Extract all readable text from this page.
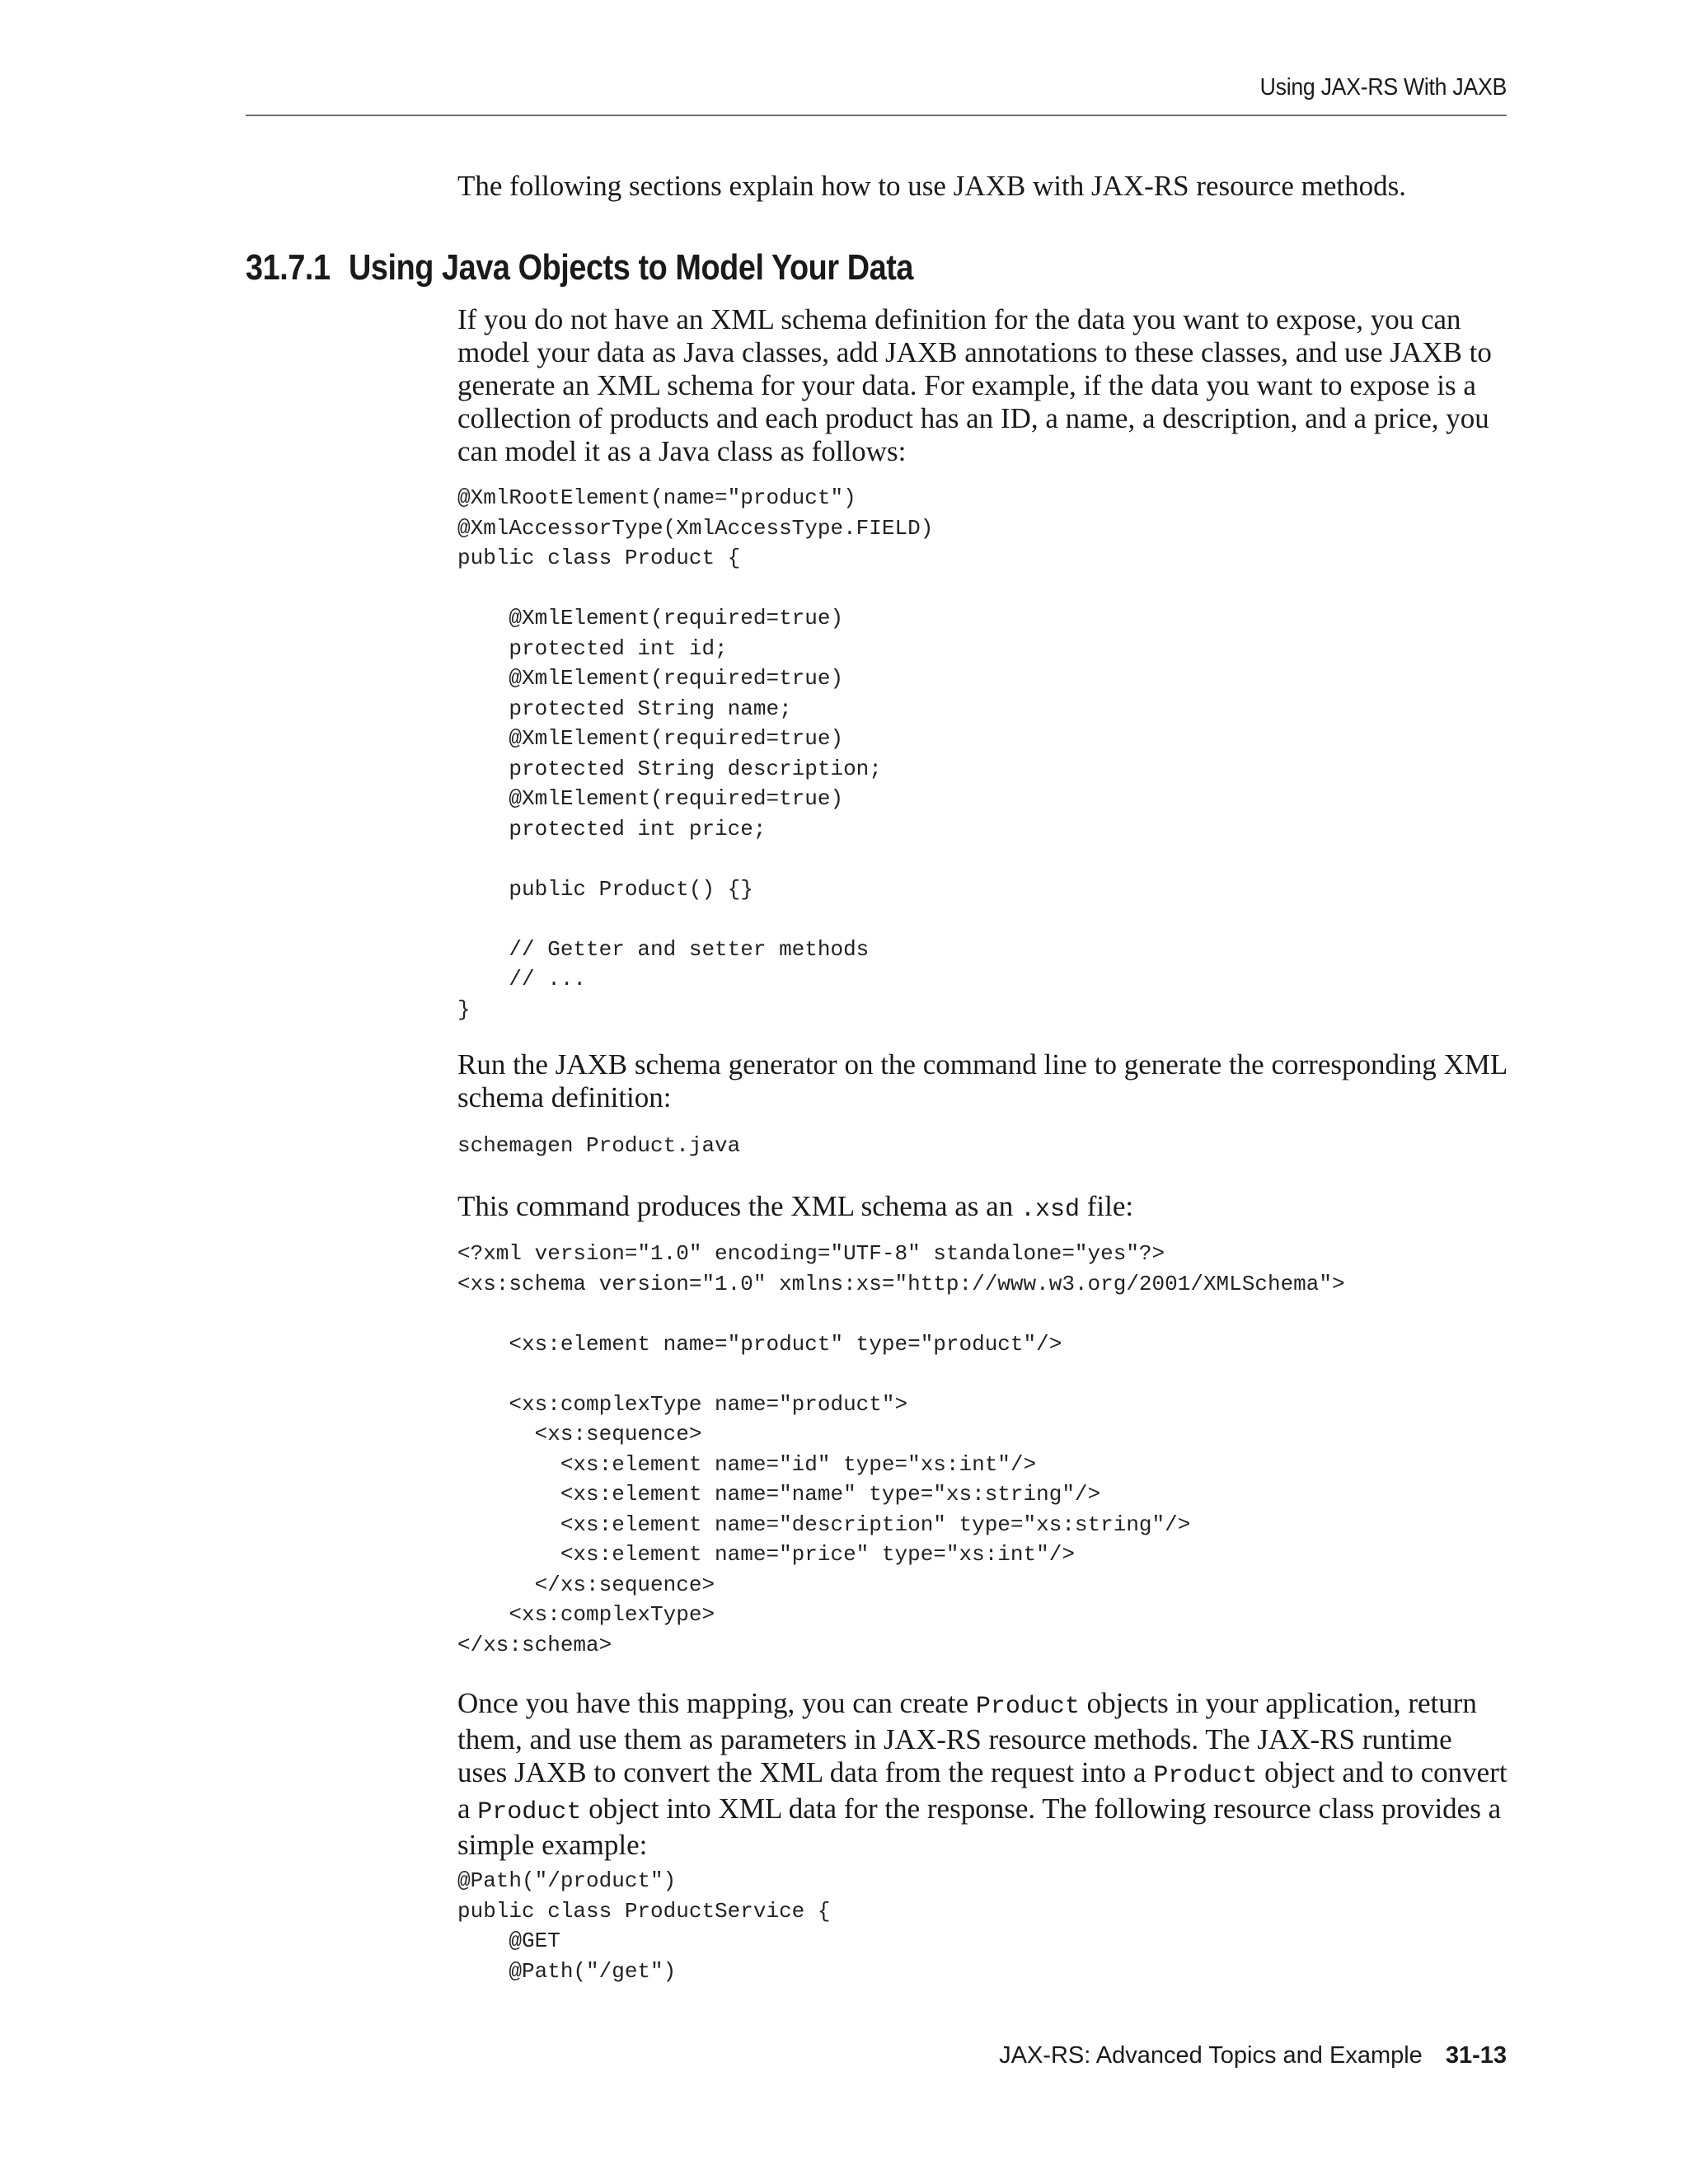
Using JAX-RS With JAXB

The following sections explain how to use JAXB with JAX-RS resource methods.

31.7.1 Using Java Objects to Model Your Data

If you do not have an XML schema definition for the data you want to expose, you can model your data as Java classes, add JAXB annotations to these classes, and use JAXB to generate an XML schema for your data. For example, if the data you want to expose is a collection of products and each product has an ID, a name, a description, and a price, you can model it as a Java class as follows:

@XmlRootElement(name="product")
@XmlAccessorType(XmlAccessType.FIELD)
public class Product {

@XmlElement(required=true)
protected int id;
@XmlElement(required=true)
protected String name;
@XmlElement(required=true)
protected String description;
@XmlElement(required=true)
protected int price;

public Product() {}

// Getter and setter methods
// ...
}

Run the JAXB schema generator on the command line to generate the corresponding XML schema definition:

schemagen Product.java

This command produces the XML schema as an .xsd file:

<?xml version="1.0" encoding="UTF-8" standalone="yes"?>
<xs:schema version="1.0" xmlns:xs="http://www.w3.org/2001/XMLSchema">

<xs:element name="product" type="product"/>

<xs:complexType name="product">
<xs:sequence>
<xs:element name="id" type="xs:int"/>
<xs:element name="name" type="xs:string"/>
<xs:element name="description" type="xs:string"/>
<xs:element name="price" type="xs:int"/>
</xs:sequence>
<xs:complexType>
</xs:schema>

Once you have this mapping, you can create Product objects in your application, return them, and use them as parameters in JAX-RS resource methods. The JAX-RS runtime uses JAXB to convert the XML data from the request into a Product object and to convert a Product object into XML data for the response. The following resource class provides a simple example:

@Path("/product")
public class ProductService {
@GET
@Path("/get")
JAX-RS: Advanced Topics and Example 31-13
